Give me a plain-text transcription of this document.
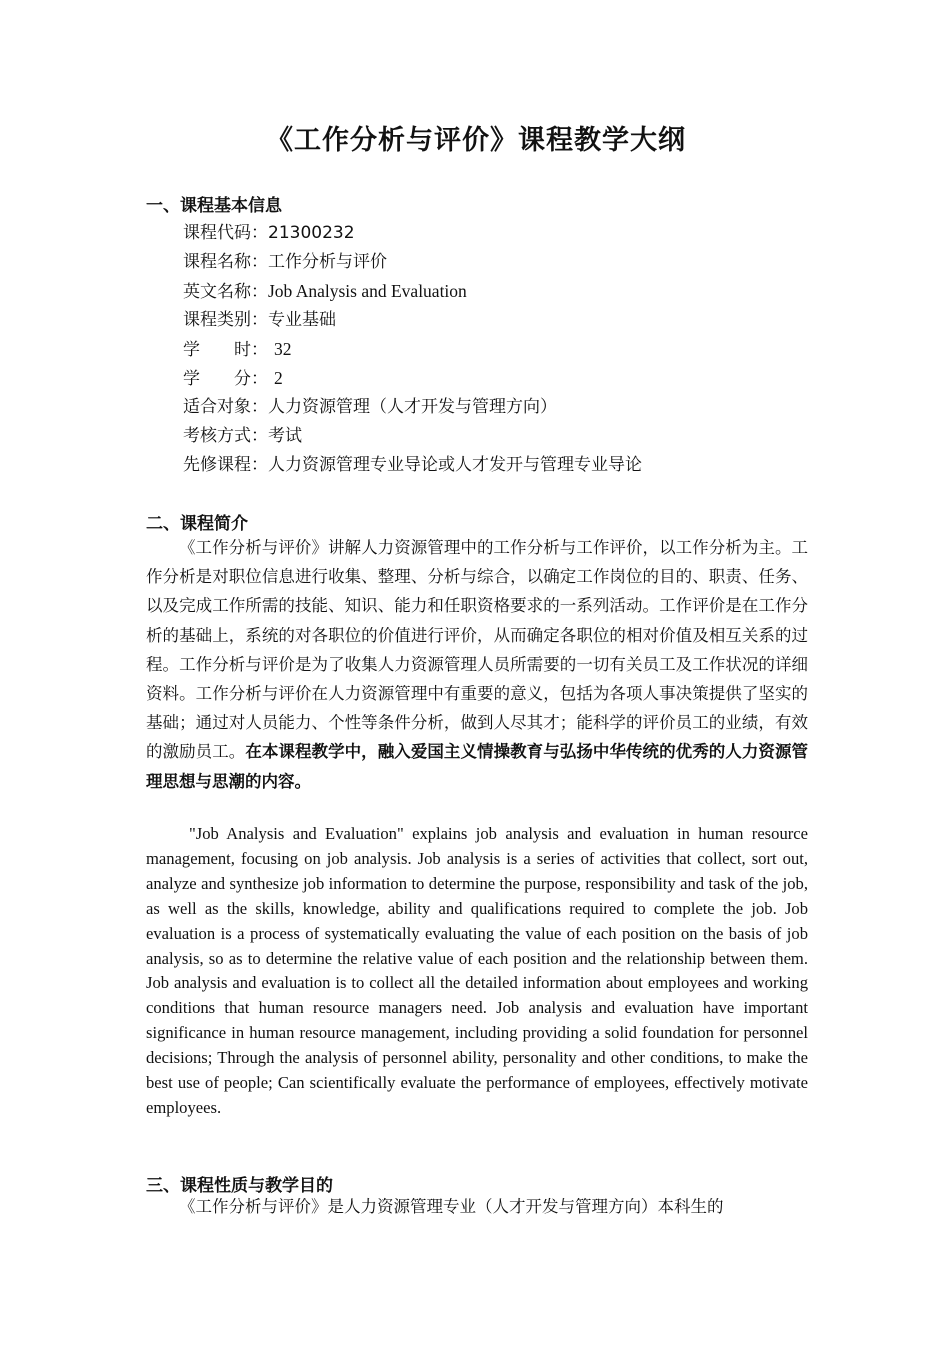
《工作分析与评价》课程教学大纲
一、课程基本信息
课程代码：21300232
课程名称：工作分析与评价
英文名称：Job Analysis and Evaluation
课程类别：专业基础
学　　时： 32
学　　分： 2
适合对象：人力资源管理（人才开发与管理方向）
考核方式：考试
先修课程：人力资源管理专业导论或人才发开与管理专业导论
二、课程简介

《工作分析与评价》讲解人力资源管理中的工作分析与工作评价，以工作分析为主。工作分析是对职位信息进行收集、整理、分析与综合，以确定工作岗位的目的、职责、任务、以及完成工作所需的技能、知识、能力和任职资格要求的一系列活动。工作评价是在工作分析的基础上，系统的对各职位的价值进行评价，从而确定各职位的相对价值及相互关系的过程。工作分析与评价是为了收集人力资源管理人员所需要的一切有关员工及工作状况的详细资料。工作分析与评价在人力资源管理中有重要的意义，包括为各项人事决策提供了坚实的基础；通过对人员能力、个性等条件分析，做到人尽其才；能科学的评价员工的业绩，有效的激励员工。在本课程教学中，融入爱国主义情操教育与弘扬中华传统的优秀的人力资源管理思想与思潮的内容。

"Job Analysis and Evaluation" explains job analysis and evaluation in human resource management, focusing on job analysis. Job analysis is a series of activities that collect, sort out, analyze and synthesize job information to determine the purpose, responsibility and task of the job, as well as the skills, knowledge, ability and qualifications required to complete the job. Job evaluation is a process of systematically evaluating the value of each position on the basis of job analysis, so as to determine the relative value of each position and the relationship between them. Job analysis and evaluation is to collect all the detailed information about employees and working conditions that human resource managers need. Job analysis and evaluation have important significance in human resource management, including providing a solid foundation for personnel decisions; Through the analysis of personnel ability, personality and other conditions, to make the best use of people; Can scientifically evaluate the performance of employees, effectively motivate employees.

三、课程性质与教学目的

《工作分析与评价》是人力资源管理专业（人才开发与管理方向）本科生的
